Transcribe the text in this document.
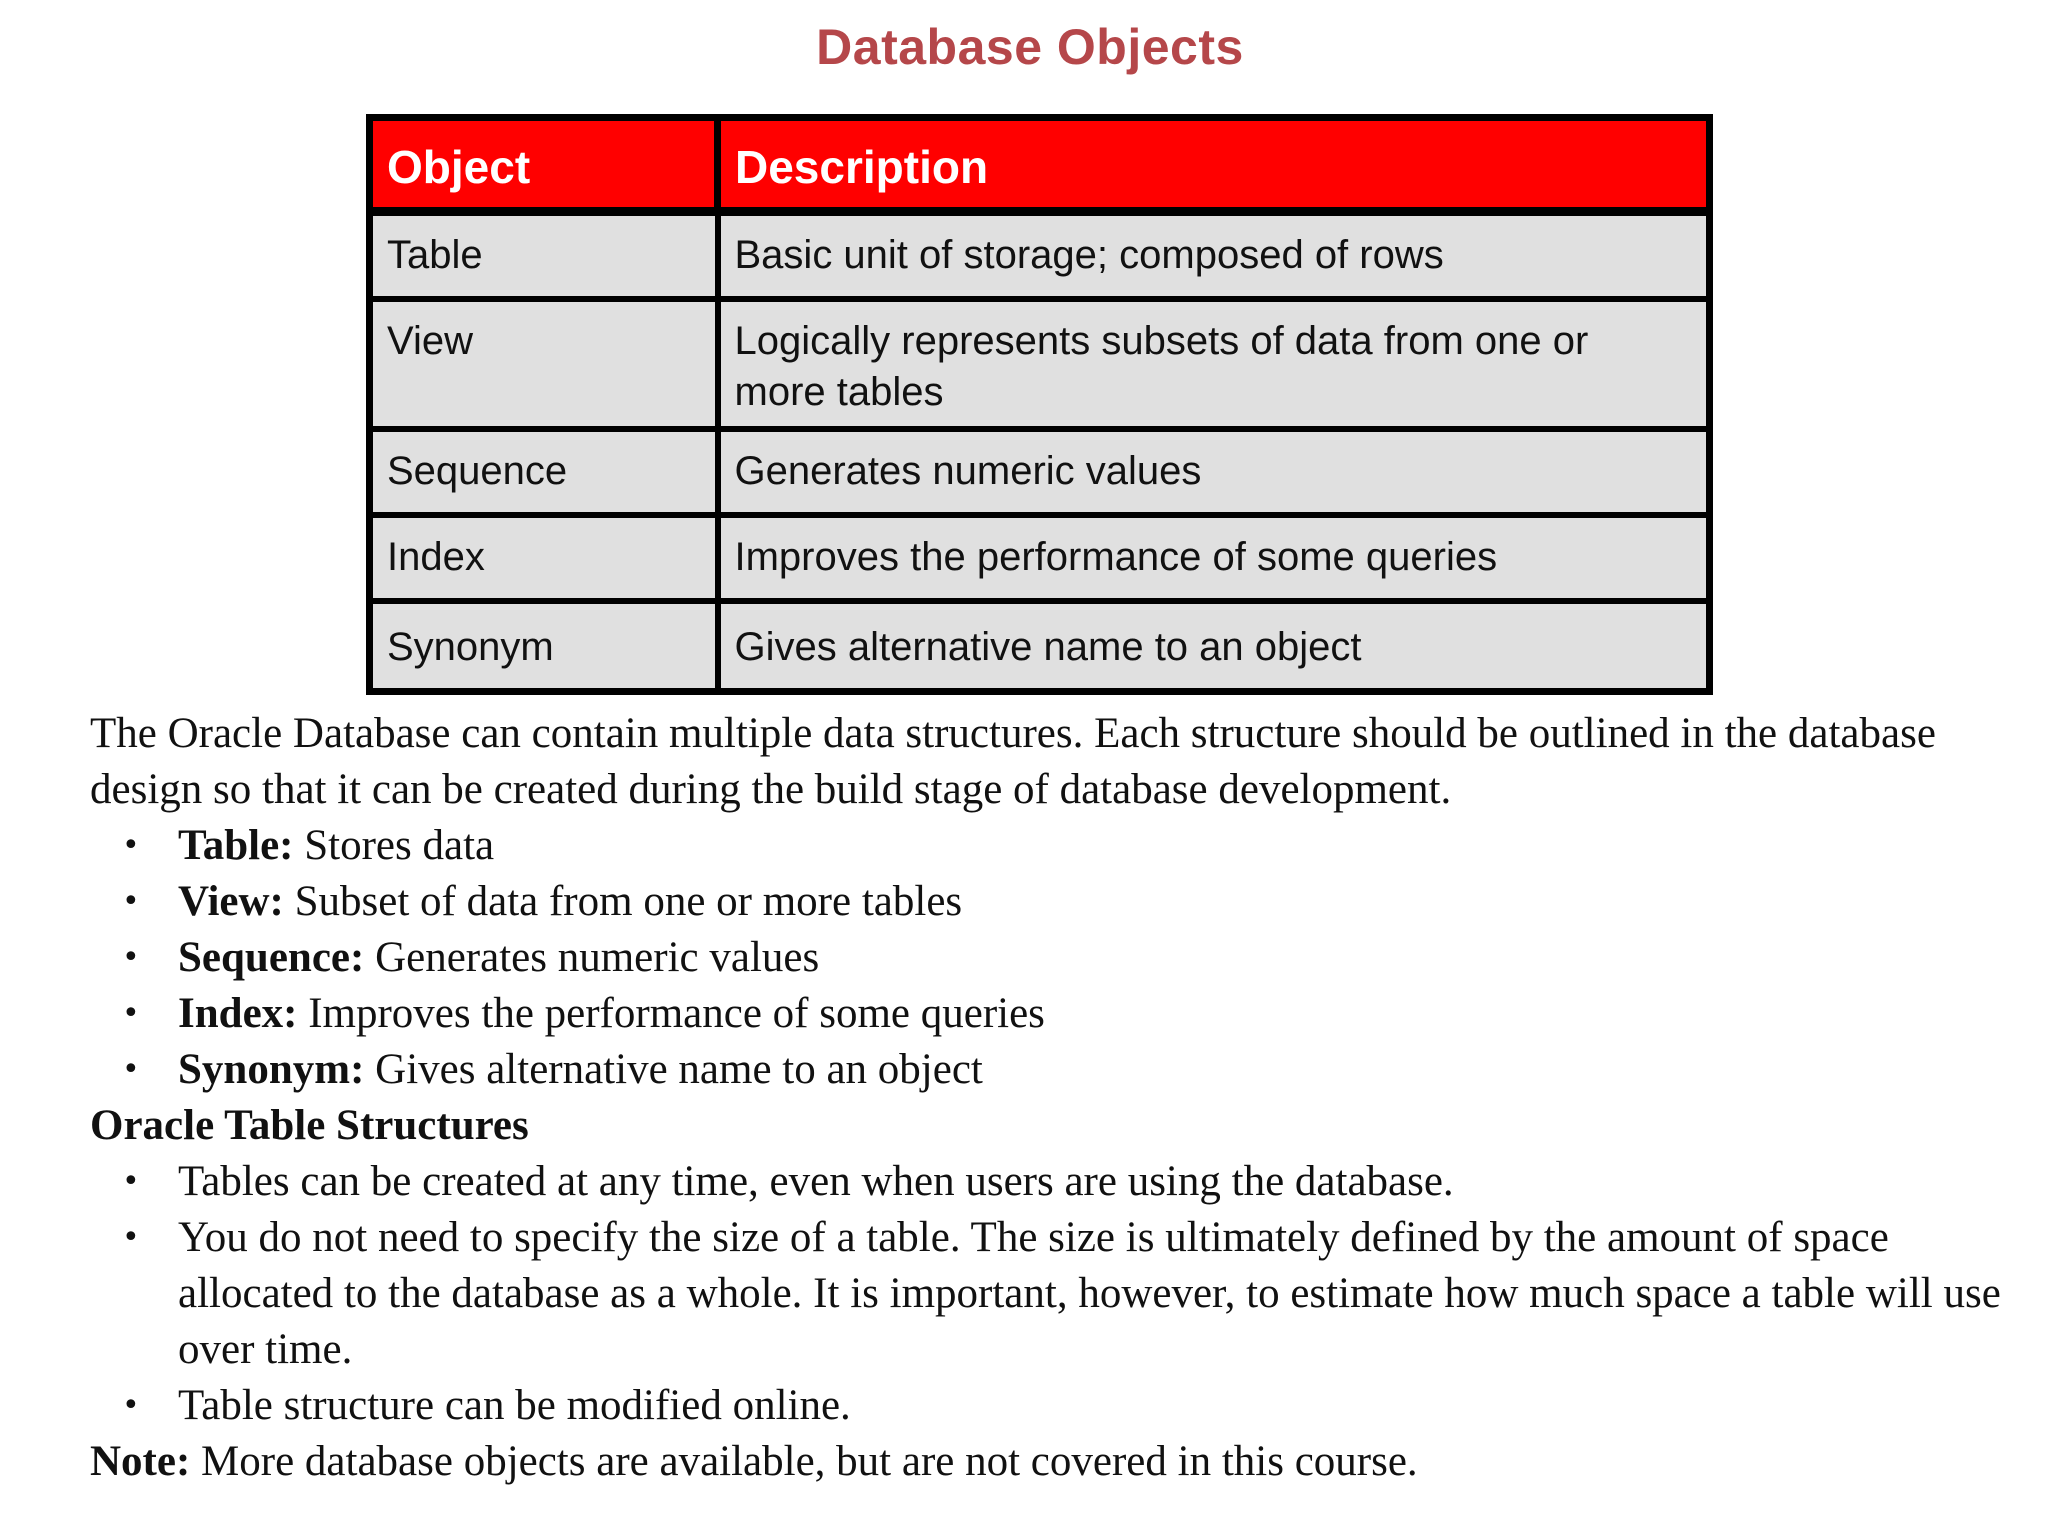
Database Objects
Object	Description
Table	Basic unit of storage; composed of rows
View	Logically represents subsets of data from one or more tables
Sequence	Generates numeric values
Index	Improves the performance of some queries
Synonym	Gives alternative name to an object

The Oracle Database can contain multiple data structures. Each structure should be outlined in the database design so that it can be created during the build stage of database development.

• Table: Stores data
• View: Subset of data from one or more tables
• Sequence: Generates numeric values
• Index: Improves the performance of some queries
• Synonym: Gives alternative name to an object

Oracle Table Structures

• Tables can be created at any time, even when users are using the database.
• You do not need to specify the size of a table. The size is ultimately defined by the amount of space allocated to the database as a whole. It is important, however, to estimate how much space a table will use over time.
• Table structure can be modified online.

Note: More database objects are available, but are not covered in this course.
